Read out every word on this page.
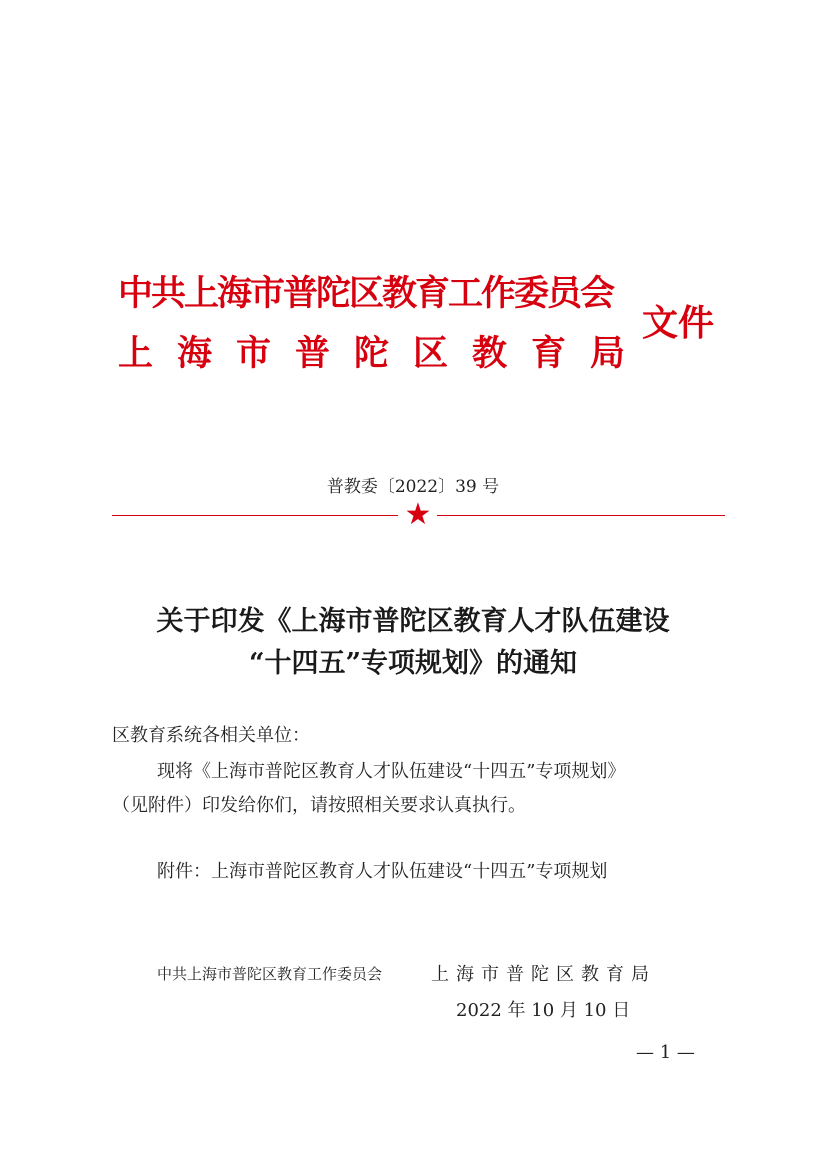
中共上海市普陀区教育工作委员会
上海市普陀区教育局
文件
普教委〔2022〕39 号
★
关于印发《上海市普陀区教育人才队伍建设
“十四五”专项规划》的通知
区教育系统各相关单位：
现将《上海市普陀区教育人才队伍建设“十四五”专项规划》
（见附件）印发给你们，请按照相关要求认真执行。
附件：上海市普陀区教育人才队伍建设“十四五”专项规划
中共上海市普陀区教育工作委员会	上海市普陀区教育局
2022 年 10 月 10 日
— 1 —
